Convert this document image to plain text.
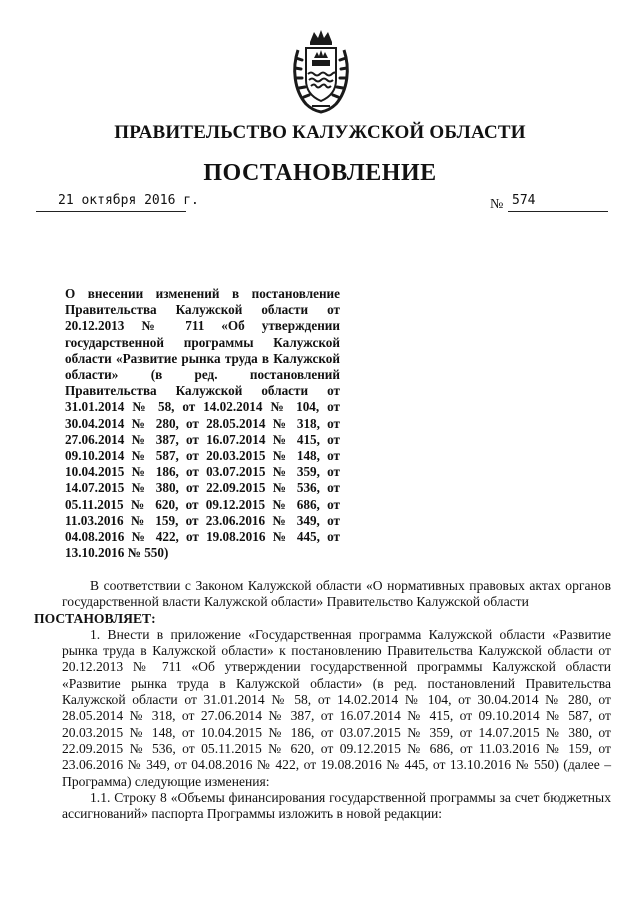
ПРАВИТЕЛЬСТВО КАЛУЖСКОЙ ОБЛАСТИ
ПОСТАНОВЛЕНИЕ
21 октября 2016 г.	№ 574
О внесении изменений в постановление Правительства Калужской области от 20.12.2013 № 711 «Об утверждении государственной программы Калужской области «Развитие рынка труда в Калужской области» (в ред. постановлений Правительства Калужской области от 31.01.2014 № 58, от 14.02.2014 № 104, от 30.04.2014 № 280, от 28.05.2014 № 318, от 27.06.2014 № 387, от 16.07.2014 № 415, от 09.10.2014 № 587, от 20.03.2015 № 148, от 10.04.2015 № 186, от 03.07.2015 № 359, от 14.07.2015 № 380, от 22.09.2015 № 536, от 05.11.2015 № 620, от 09.12.2015 № 686, от 11.03.2016 № 159, от 23.06.2016 № 349, от 04.08.2016 № 422, от 19.08.2016 № 445, от 13.10.2016 № 550)

В соответствии с Законом Калужской области «О нормативных правовых актах органов государственной власти Калужской области» Правительство Калужской области
ПОСТАНОВЛЯЕТ:

1. Внести в приложение «Государственная программа Калужской области «Развитие рынка труда в Калужской области» к постановлению Правительства Калужской области от 20.12.2013 № 711 «Об утверждении государственной программы Калужской области «Развитие рынка труда в Калужской области» (в ред. постановлений Правительства Калужской области от 31.01.2014 № 58, от 14.02.2014 № 104, от 30.04.2014 № 280, от 28.05.2014 № 318, от 27.06.2014 № 387, от 16.07.2014 № 415, от 09.10.2014 № 587, от 20.03.2015 № 148, от 10.04.2015 № 186, от 03.07.2015 № 359, от 14.07.2015 № 380, от 22.09.2015 № 536, от 05.11.2015 № 620, от 09.12.2015 № 686, от 11.03.2016 № 159, от 23.06.2016 № 349, от 04.08.2016 № 422, от 19.08.2016 № 445, от 13.10.2016 № 550) (далее – Программа) следующие изменения:

1.1. Строку 8 «Объемы финансирования государственной программы за счет бюджетных ассигнований» паспорта Программы изложить в новой редакции:
